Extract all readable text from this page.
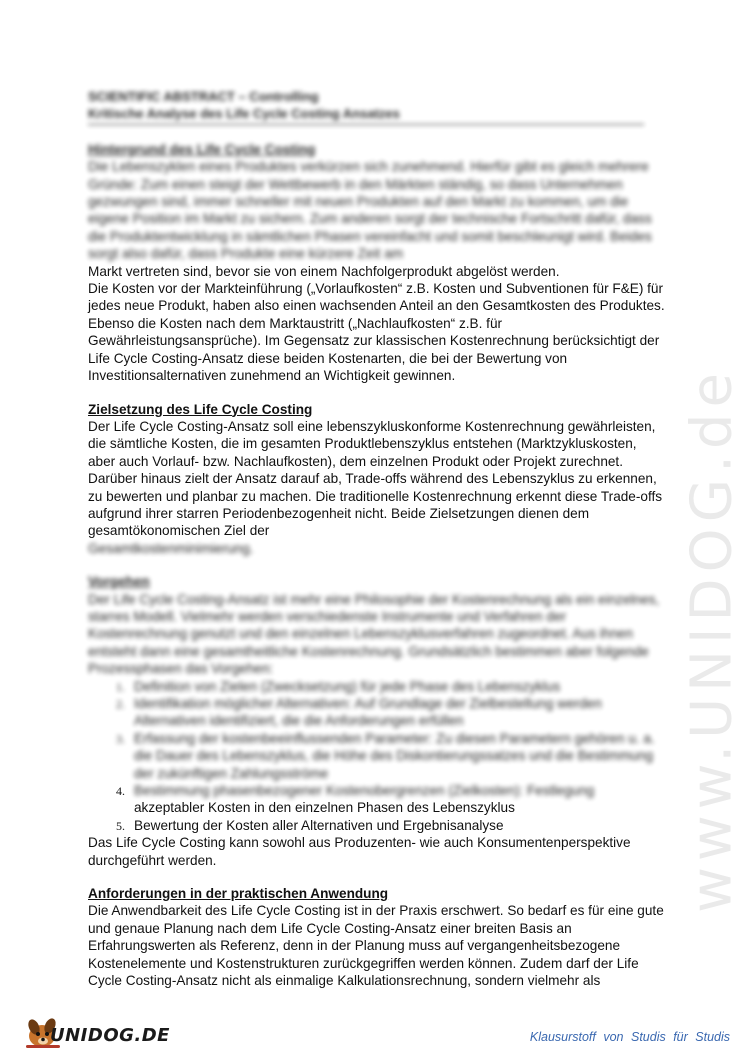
www.UNIDOG.de
SCIENTIFIC ABSTRACT – Controlling
Kritische Analyse des Life Cycle Costing Ansatzes
Hintergrund des Life Cycle Costing

Die Lebenszyklen eines Produktes verkürzen sich zunehmend. Hierfür gibt es gleich mehrere Gründe: Zum einen steigt der Wettbewerb in den Märkten ständig, so dass Unternehmen gezwungen sind, immer schneller mit neuen Produkten auf den Markt zu kommen, um die eigene Position im Markt zu sichern. Zum anderen sorgt der technische Fortschritt dafür, dass die Produktentwicklung in sämtlichen Phasen vereinfacht und somit beschleunigt wird. Beides sorgt also dafür, dass Produkte eine kürzere Zeit am

Markt vertreten sind, bevor sie von einem Nachfolgerprodukt abgelöst werden.

Die Kosten vor der Markteinführung („Vorlaufkosten“ z.B. Kosten und Subventionen für F&E) für jedes neue Produkt, haben also einen wachsenden Anteil an den Gesamtkosten des Produktes. Ebenso die Kosten nach dem Marktaustritt („Nachlaufkosten“ z.B. für Gewährleistungsansprüche). Im Gegensatz zur klassischen Kostenrechnung berücksichtigt der Life Cycle Costing-Ansatz diese beiden Kostenarten, die bei der Bewertung von Investitionsalternativen zunehmend an Wichtigkeit gewinnen.

Zielsetzung des Life Cycle Costing

Der Life Cycle Costing-Ansatz soll eine lebenszykluskonforme Kostenrechnung gewährleisten, die sämtliche Kosten, die im gesamten Produktlebenszyklus entstehen (Marktzykluskosten, aber auch Vorlauf- bzw. Nachlaufkosten), dem einzelnen Produkt oder Projekt zurechnet. Darüber hinaus zielt der Ansatz darauf ab, Trade-offs während des Lebenszyklus zu erkennen, zu bewerten und planbar zu machen. Die traditionelle Kostenrechnung erkennt diese Trade-offs aufgrund ihrer starren Periodenbezogenheit nicht. Beide Zielsetzungen dienen dem gesamtökonomischen Ziel der

Gesamtkostenminimierung.

Vorgehen

Der Life Cycle Costing-Ansatz ist mehr eine Philosophie der Kostenrechnung als ein einzelnes, starres Modell. Vielmehr werden verschiedenste Instrumente und Verfahren der Kostenrechnung genutzt und den einzelnen Lebenszyklusverfahren zugeordnet. Aus ihnen entsteht dann eine gesamtheitliche Kostenrechnung. Grundsätzlich bestimmen aber folgende Prozessphasen das Vorgehen:

1. Definition von Zielen (Zwecksetzung) für jede Phase des Lebenszyklus
2. Identifikation möglicher Alternativen: Auf Grundlage der Zielbestellung werden Alternativen identifiziert, die die Anforderungen erfüllen
3. Erfassung der kostenbeeinflussenden Parameter: Zu diesen Parametern gehören u. a. die Dauer des Lebenszyklus, die Höhe des Diskontierungssatzes und die Bestimmung der zukünftigen Zahlungsströme
4. Bestimmung phasenbezogener Kostenobergrenzen (Zielkosten): Festlegung
akzeptabler Kosten in den einzelnen Phasen des Lebenszyklus
5. Bewertung der Kosten aller Alternativen und Ergebnisanalyse

Das Life Cycle Costing kann sowohl aus Produzenten- wie auch Konsumentenperspektive durchgeführt werden.

Anforderungen in der praktischen Anwendung

Die Anwendbarkeit des Life Cycle Costing ist in der Praxis erschwert. So bedarf es für eine gute und genaue Planung nach dem Life Cycle Costing-Ansatz einer breiten Basis an Erfahrungswerten als Referenz, denn in der Planung muss auf vergangenheitsbezogene Kostenelemente und Kostenstrukturen zurückgegriffen werden können. Zudem darf der Life Cycle Costing-Ansatz nicht als einmalige Kalkulationsrechnung, sondern vielmehr als

UNIDOG.DE	Klausurstoff von Studis für Studis
